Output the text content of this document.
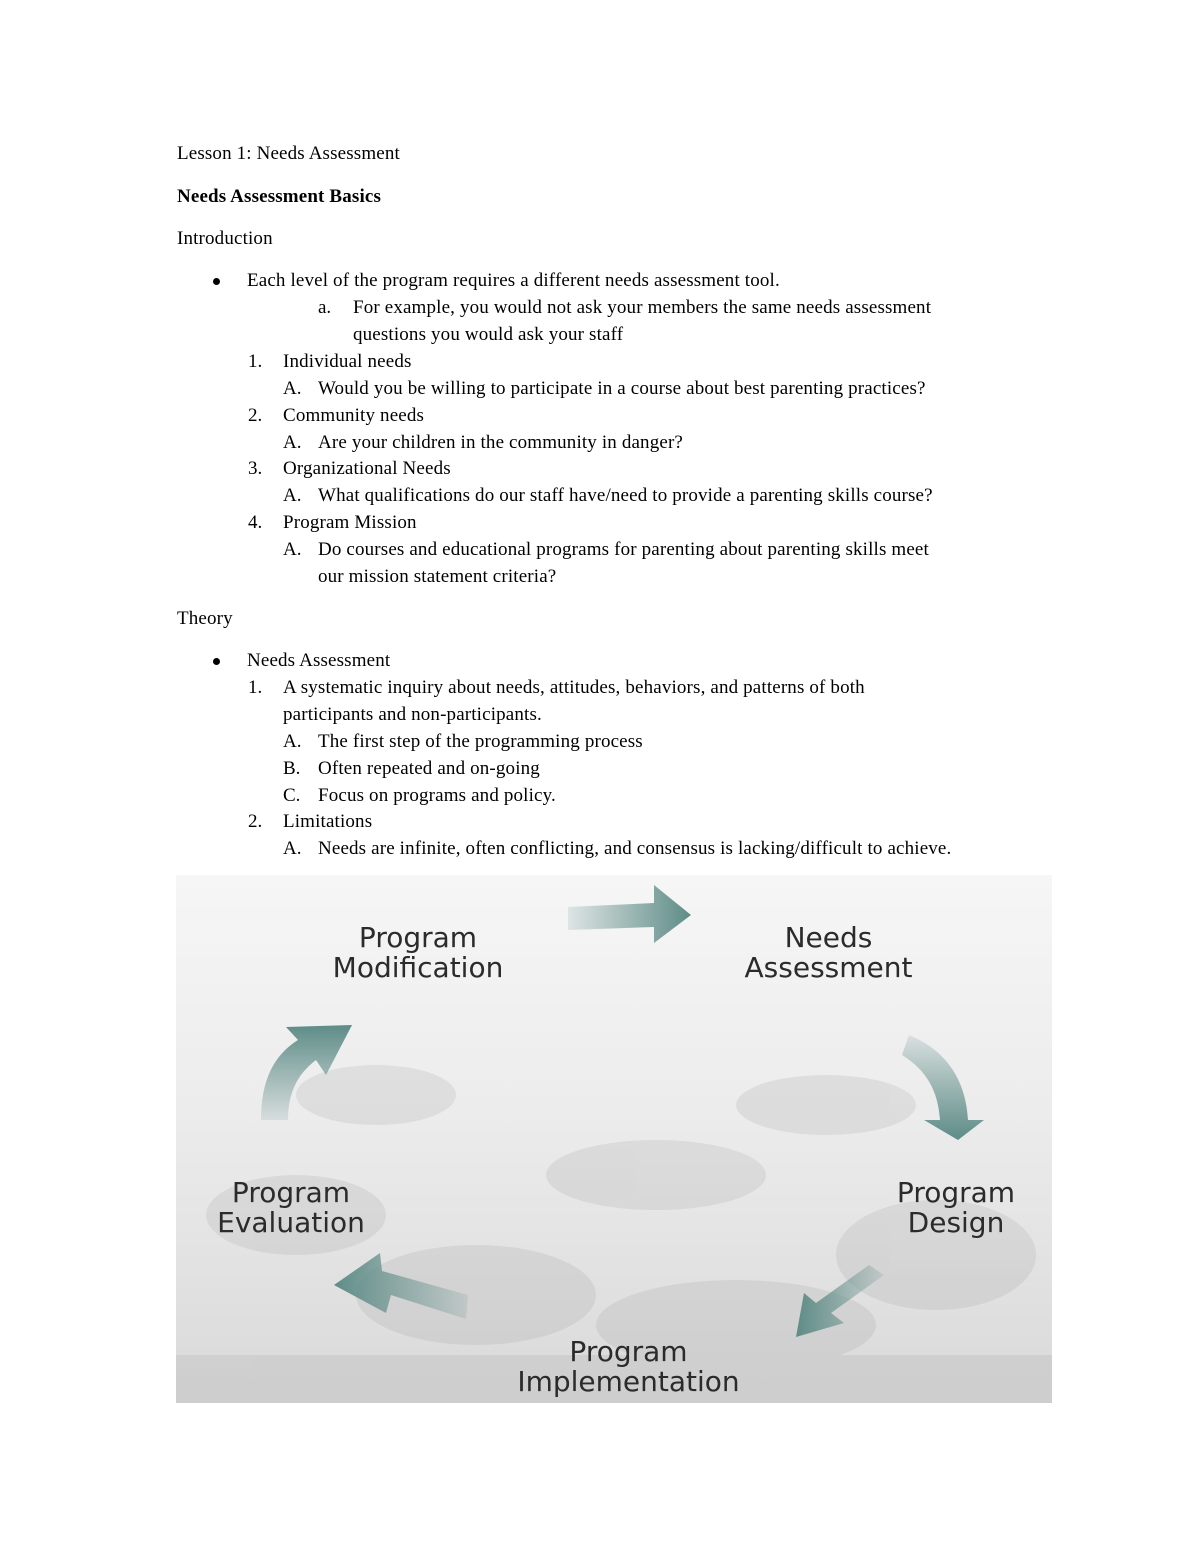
Lesson 1: Needs Assessment
Needs Assessment Basics
Introduction
Each level of the program requires a different needs assessment tool.
a. For example, you would not ask your members the same needs assessment
questions you would ask your staff
1. Individual needs
A. Would you be willing to participate in a course about best parenting practices?
2. Community needs
A. Are your children in the community in danger?
3. Organizational Needs
A. What qualifications do our staff have/need to provide a parenting skills course?
4. Program Mission
A. Do courses and educational programs for parenting about parenting skills meet
our mission statement criteria?
Theory
Needs Assessment
1. A systematic inquiry about needs, attitudes, behaviors, and patterns of both
participants and non-participants.
A. The first step of the programming process
B. Often repeated and on-going
C. Focus on programs and policy.
2. Limitations
A. Needs are infinite, often conflicting, and consensus is lacking/difficult to achieve.
Needs
Assessment
Program
Design
Program
Implementation
Program
Evaluation
Program
Modification
